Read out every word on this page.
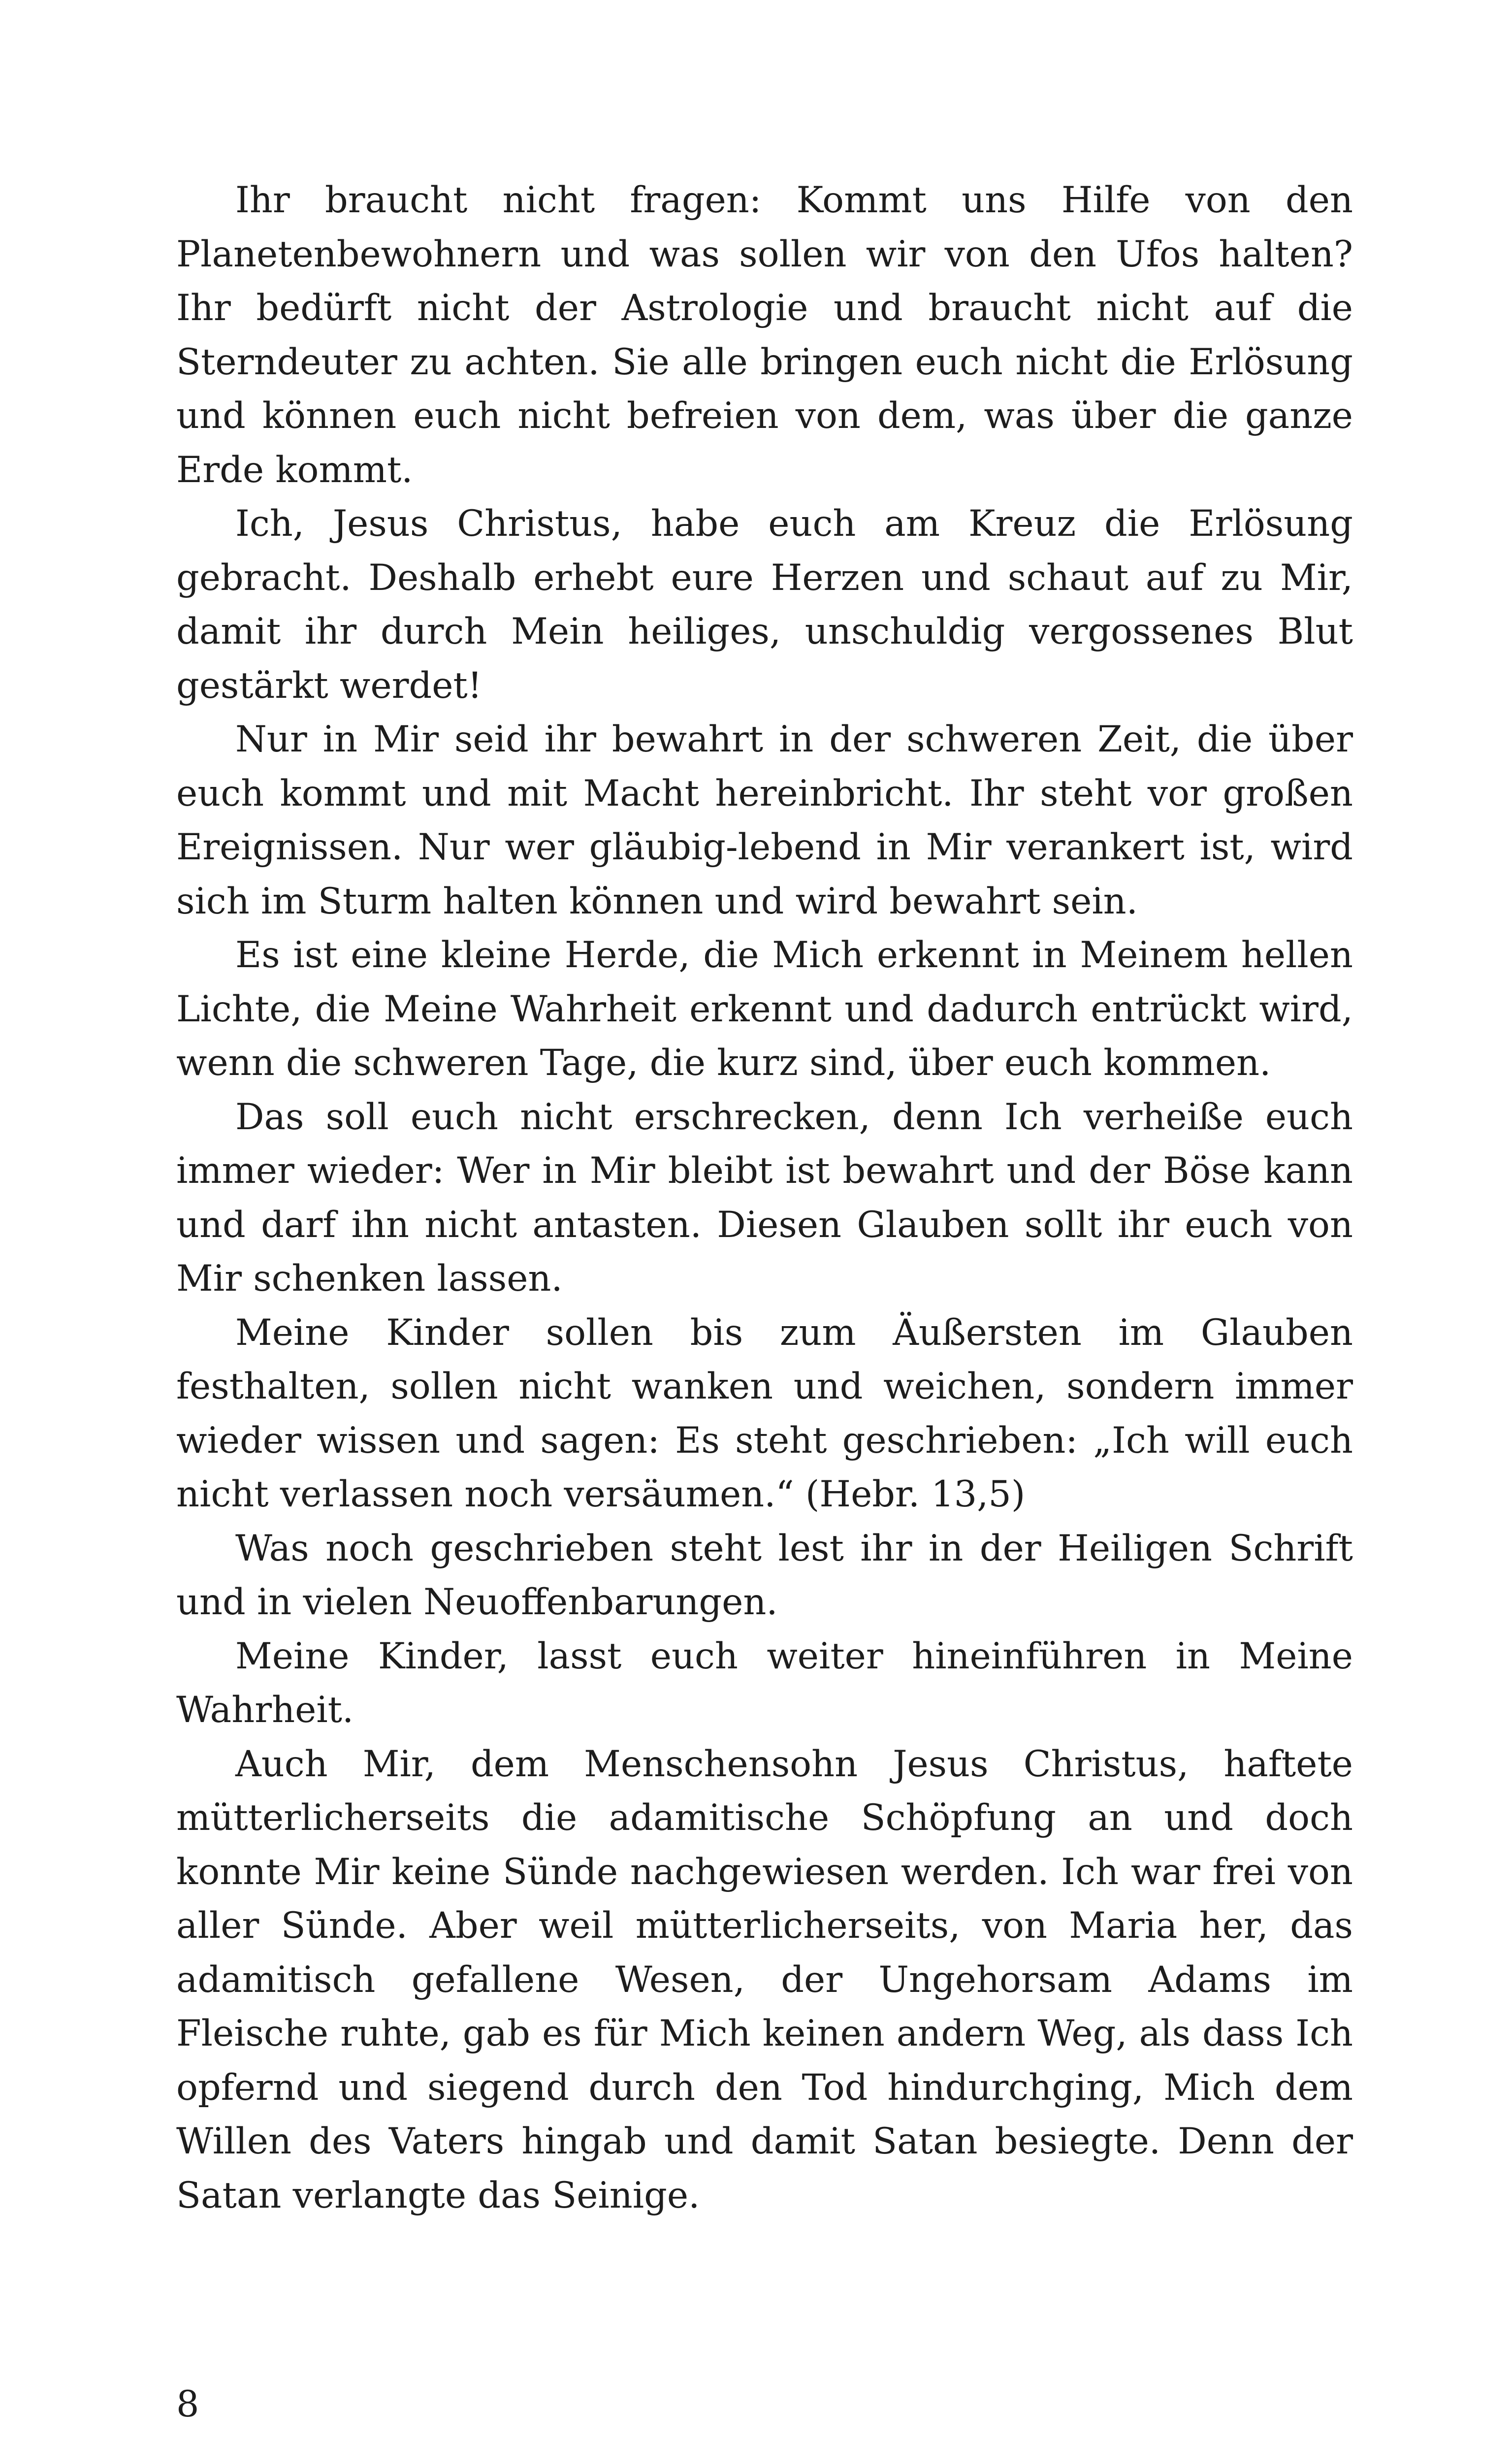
Ihr braucht nicht fragen: Kommt uns Hilfe von den Planetenbewohnern und was sollen wir von den Ufos halten? Ihr bedürft nicht der Astrologie und braucht nicht auf die Sterndeuter zu achten. Sie alle bringen euch nicht die Erlösung und können euch nicht befreien von dem, was über die ganze Erde kommt.

Ich, Jesus Christus, habe euch am Kreuz die Erlösung gebracht. Deshalb erhebt eure Herzen und schaut auf zu Mir, damit ihr durch Mein heiliges, unschuldig vergossenes Blut gestärkt werdet!

Nur in Mir seid ihr bewahrt in der schweren Zeit, die über euch kommt und mit Macht hereinbricht. Ihr steht vor großen Ereignissen. Nur wer gläubig-lebend in Mir verankert ist, wird sich im Sturm halten können und wird bewahrt sein.

Es ist eine kleine Herde, die Mich erkennt in Meinem hellen Lichte, die Meine Wahrheit erkennt und dadurch entrückt wird, wenn die schweren Tage, die kurz sind, über euch kommen.

Das soll euch nicht erschrecken, denn Ich verheiße euch immer wieder: Wer in Mir bleibt ist bewahrt und der Böse kann und darf ihn nicht antasten. Diesen Glauben sollt ihr euch von Mir schenken lassen.

Meine Kinder sollen bis zum Äußersten im Glauben festhalten, sollen nicht wanken und weichen, sondern immer wieder wissen und sagen: Es steht geschrieben: „Ich will euch nicht verlassen noch versäumen.“ (Hebr. 13,5)

Was noch geschrieben steht lest ihr in der Heiligen Schrift und in vielen Neuoffenbarungen.

Meine Kinder, lasst euch weiter hineinführen in Meine Wahrheit.

Auch Mir, dem Menschensohn Jesus Christus, haftete mütterlicherseits die adamitische Schöpfung an und doch konnte Mir keine Sünde nachgewiesen werden. Ich war frei von aller Sünde. Aber weil mütterlicherseits, von Maria her, das adamitisch gefallene Wesen, der Ungehorsam Adams im Fleische ruhte, gab es für Mich keinen andern Weg, als dass Ich opfernd und siegend durch den Tod hindurchging, Mich dem Willen des Vaters hingab und damit Satan besiegte. Denn der Satan verlangte das Seinige.

8
